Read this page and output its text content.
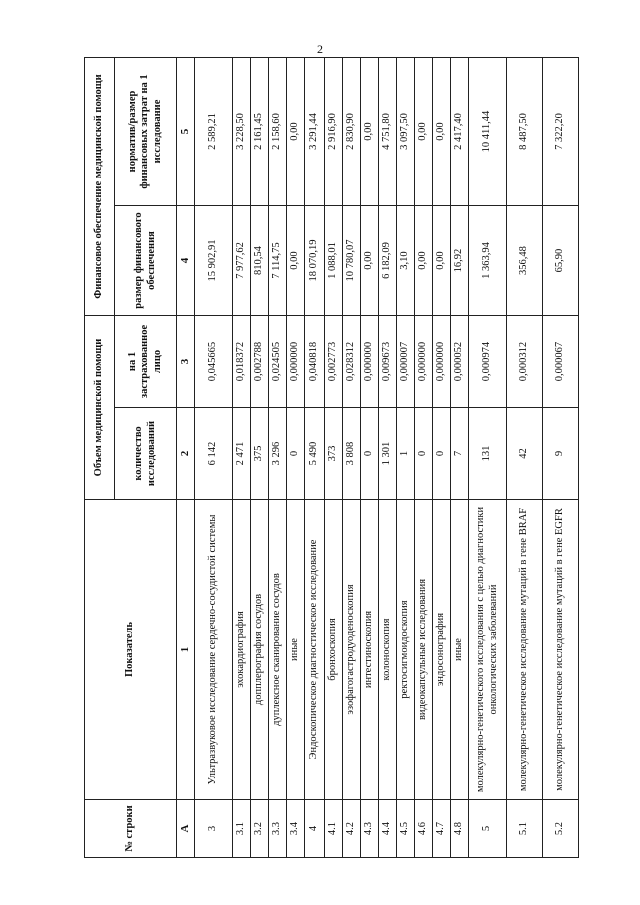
2
№ строки	Показатель	Объем медицинской помощи		Финансовое обеспечение медицинской помощи	
		количество исследований	на 1 застрахованное лицо	размер финансового обеспечения	норматив/размер финансовых затрат на 1 исследование
А	1	2	3	4	5
3	Ультразвуковое исследование сердечно-сосудистой системы	6 142	0,045665	15 902,91	2 589,21
3.1	эхокардиография	2 471	0,018372	7 977,62	3 228,50
3.2	допплерография сосудов	375	0,002788	810,54	2 161,45
3.3	дуплексное сканирование сосудов	3 296	0,024505	7 114,75	2 158,60
3.4	иные	0	0,000000	0,00	0,00
4	Эндоскопическое диагностическое исследование	5 490	0,040818	18 070,19	3 291,44
4.1	бронхоскопия	373	0,002773	1 088,01	2 916,90
4.2	эзофагогастродуоденоскопия	3 808	0,028312	10 780,07	2 830,90
4.3	интестиноскопия	0	0,000000	0,00	0,00
4.4	колоноскопия	1 301	0,009673	6 182,09	4 751,80
4.5	ректосигмоидоскопия	1	0,000007	3,10	3 097,50
4.6	видеокапсульные исследования	0	0,000000	0,00	0,00
4.7	эндосонография	0	0,000000	0,00	0,00
4.8	иные	7	0,000052	16,92	2 417,40
5	молекулярно-генетического исследования с целью диагностики онкологических заболеваний	131	0,000974	1 363,94	10 411,44
5.1	молекулярно-генетическое исследование мутаций в гене BRAF	42	0,000312	356,48	8 487,50
5.2	молекулярно-генетическое исследование мутаций в гене EGFR	9	0,000067	65,90	7 322,20
